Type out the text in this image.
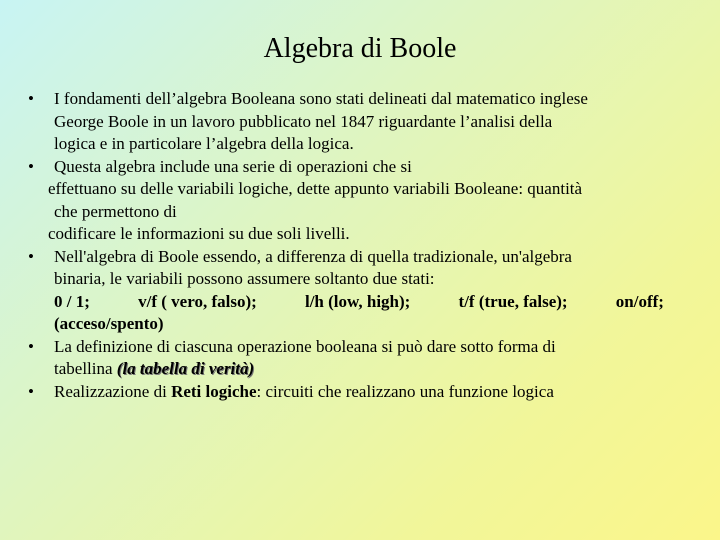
Algebra di Boole
• I fondamenti dell’algebra Booleana sono stati delineati dal matematico inglese
George Boole in un lavoro pubblicato nel 1847 riguardante l’analisi della
logica e in particolare l’algebra della logica.
• Questa algebra include una serie di operazioni che si
effettuano su delle variabili logiche, dette appunto variabili Booleane: quantità
che permettono di
codificare le informazioni su due soli livelli.
• Nell'algebra di Boole essendo, a differenza di quella tradizionale, un'algebra
binaria, le variabili possono assumere soltanto due stati:
0 / 1;	v/f ( vero, falso);	l/h (low, high);	t/f (true, false);	on/off;
(acceso/spento)
• La definizione di ciascuna operazione booleana si può dare sotto forma di
tabellina (la tabella di verità)
• Realizzazione di Reti logiche: circuiti che realizzano una funzione logica
